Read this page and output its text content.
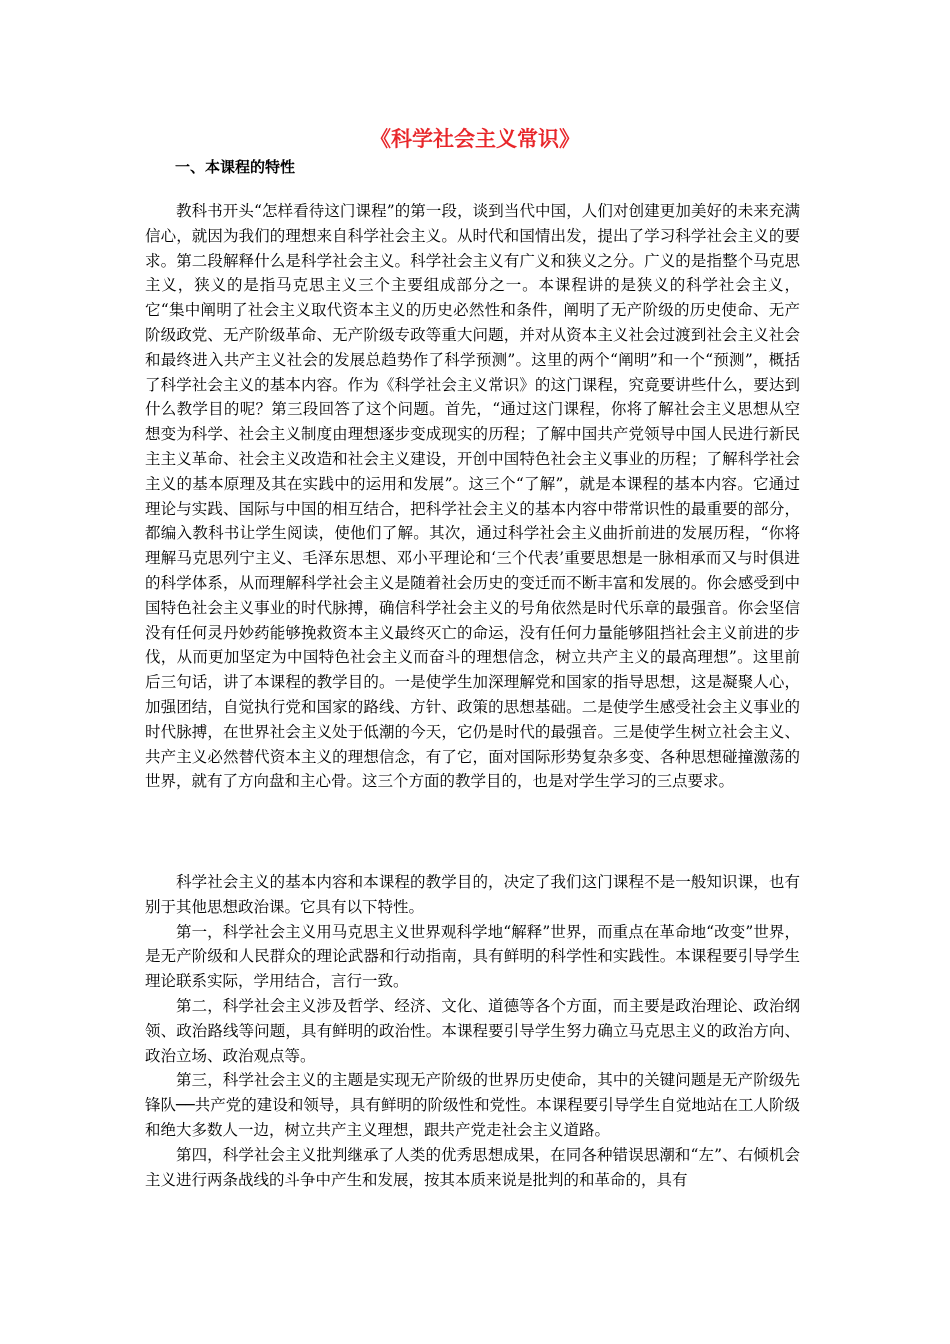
《科学社会主义常识》
一、本课程的特性

教科书开头“怎样看待这门课程”的第一段，谈到当代中国，人们对创建更加美好的未来充满信心，就因为我们的理想来自科学社会主义。从时代和国情出发，提出了学习科学社会主义的要求。第二段解释什么是科学社会主义。科学社会主义有广义和狭义之分。广义的是指整个马克思主义，狭义的是指马克思主义三个主要组成部分之一。本课程讲的是狭义的科学社会主义，它“集中阐明了社会主义取代资本主义的历史必然性和条件，阐明了无产阶级的历史使命、无产阶级政党、无产阶级革命、无产阶级专政等重大问题，并对从资本主义社会过渡到社会主义社会和最终进入共产主义社会的发展总趋势作了科学预测”。这里的两个“阐明”和一个“预测”，概括了科学社会主义的基本内容。作为《科学社会主义常识》的这门课程，究竟要讲些什么，要达到什么教学目的呢？第三段回答了这个问题。首先，“通过这门课程，你将了解社会主义思想从空想变为科学、社会主义制度由理想逐步变成现实的历程；了解中国共产党领导中国人民进行新民主主义革命、社会主义改造和社会主义建设，开创中国特色社会主义事业的历程；了解科学社会主义的基本原理及其在实践中的运用和发展”。这三个“了解”，就是本课程的基本内容。它通过理论与实践、国际与中国的相互结合，把科学社会主义的基本内容中带常识性的最重要的部分，都编入教科书让学生阅读，使他们了解。其次，通过科学社会主义曲折前进的发展历程，“你将理解马克思列宁主义、毛泽东思想、邓小平理论和‘三个代表’重要思想是一脉相承而又与时俱进的科学体系，从而理解科学社会主义是随着社会历史的变迁而不断丰富和发展的。你会感受到中国特色社会主义事业的时代脉搏，确信科学社会主义的号角依然是时代乐章的最强音。你会坚信没有任何灵丹妙药能够挽救资本主义最终灭亡的命运，没有任何力量能够阻挡社会主义前进的步伐，从而更加坚定为中国特色社会主义而奋斗的理想信念，树立共产主义的最高理想”。这里前后三句话，讲了本课程的教学目的。一是使学生加深理解党和国家的指导思想，这是凝聚人心，加强团结，自觉执行党和国家的路线、方针、政策的思想基础。二是使学生感受社会主义事业的时代脉搏，在世界社会主义处于低潮的今天，它仍是时代的最强音。三是使学生树立社会主义、共产主义必然替代资本主义的理想信念，有了它，面对国际形势复杂多变、各种思想碰撞激荡的世界，就有了方向盘和主心骨。这三个方面的教学目的，也是对学生学习的三点要求。

科学社会主义的基本内容和本课程的教学目的，决定了我们这门课程不是一般知识课，也有别于其他思想政治课。它具有以下特性。

第一，科学社会主义用马克思主义世界观科学地“解释”世界，而重点在革命地“改变”世界，是无产阶级和人民群众的理论武器和行动指南，具有鲜明的科学性和实践性。本课程要引导学生理论联系实际，学用结合，言行一致。

第二，科学社会主义涉及哲学、经济、文化、道德等各个方面，而主要是政治理论、政治纲领、政治路线等问题，具有鲜明的政治性。本课程要引导学生努力确立马克思主义的政治方向、政治立场、政治观点等。

第三，科学社会主义的主题是实现无产阶级的世界历史使命，其中的关键问题是无产阶级先锋队──共产党的建设和领导，具有鲜明的阶级性和党性。本课程要引导学生自觉地站在工人阶级和绝大多数人一边，树立共产主义理想，跟共产党走社会主义道路。

第四，科学社会主义批判继承了人类的优秀思想成果，在同各种错误思潮和“左”、右倾机会主义进行两条战线的斗争中产生和发展，按其本质来说是批判的和革命的，具有
